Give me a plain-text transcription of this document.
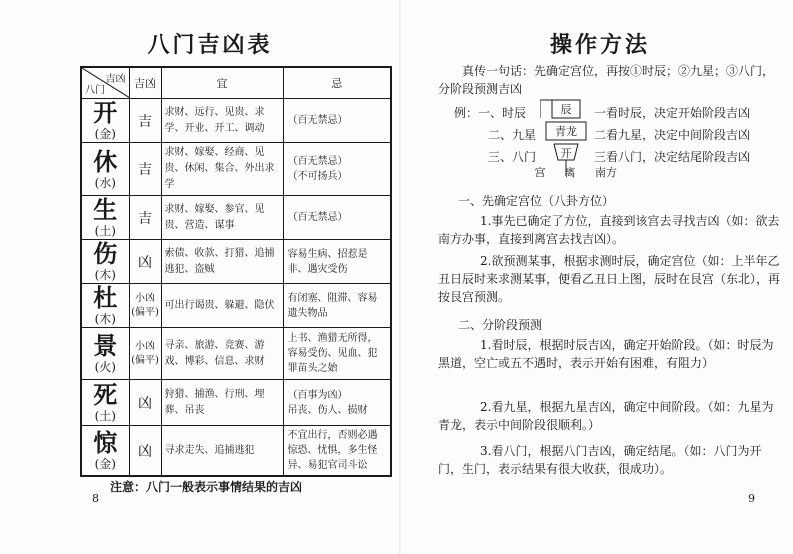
八门吉凶表
吉凶
八门	吉凶	宜	忌

开
(金)	吉	求财、远行、见贵、求学、开业、开工、调动	（百无禁忌）

休
(水)	吉	求财、嫁娶、经商、见贵、休闲、集合、外出求学	（百无禁忌）
（不可扬兵）

生
(土)	吉	求财、嫁娶、参官、见贵、营造、谋事	（百无禁忌）

伤
(木)	凶	索债、收款、打猎、追捕逃犯、盗贼	容易生病、招惹是非、遇灾受伤

杜
(木)	小凶
(偏平)	可出行谒贵、躲避、隐伏	有闭塞、阻滞、容易遗失物品

景
(火)	小凶
(偏平)	寻亲、旅游、竞赛、游戏、博彩、信息、求财	上书、渔猎无所得，容易受伤、见血、犯罪苗头之始

死
(土)	凶	狩猎、捕渔、行刑、埋葬、吊丧	（百事为凶）
吊丧、伤人、损财

惊
(金)	凶	寻求走失、追捕逃犯	不宜出行，否则必遇惊恐、忧惧，多生怪异、易犯官司斗讼
注意：八门一般表示事情结果的吉凶
8
操作方法
真传一句话：先确定宫位，再按①时辰；②九星；③八门，分阶段预测吉凶
例：一、时辰
二、九星
三、八门
辰
青龙
开
宫	离	南方
一看时辰，决定开始阶段吉凶
二看九星，决定中间阶段吉凶
三看八门，决定结尾阶段吉凶
一、先确定宫位（八卦方位）
1.事先已确定了方位，直接到该宫去寻找吉凶（如：欲去南方办事，直接到离宫去找吉凶）。
2.欲预测某事，根据求测时辰，确定宫位（如：上半年乙丑日辰时来求测某事，便看乙丑日上图，辰时在艮宫（东北），再按艮宫预测。
二、分阶段预测
1.看时辰，根据时辰吉凶，确定开始阶段。（如：时辰为黑道，空亡或五不遇时，表示开始有困难，有阻力）
2.看九星，根据九星吉凶，确定中间阶段。（如：九星为青龙，表示中间阶段很顺利。）
3.看八门，根据八门吉凶，确定结尾。（如：八门为开门，生门，表示结果有很大收获，很成功）。
9
